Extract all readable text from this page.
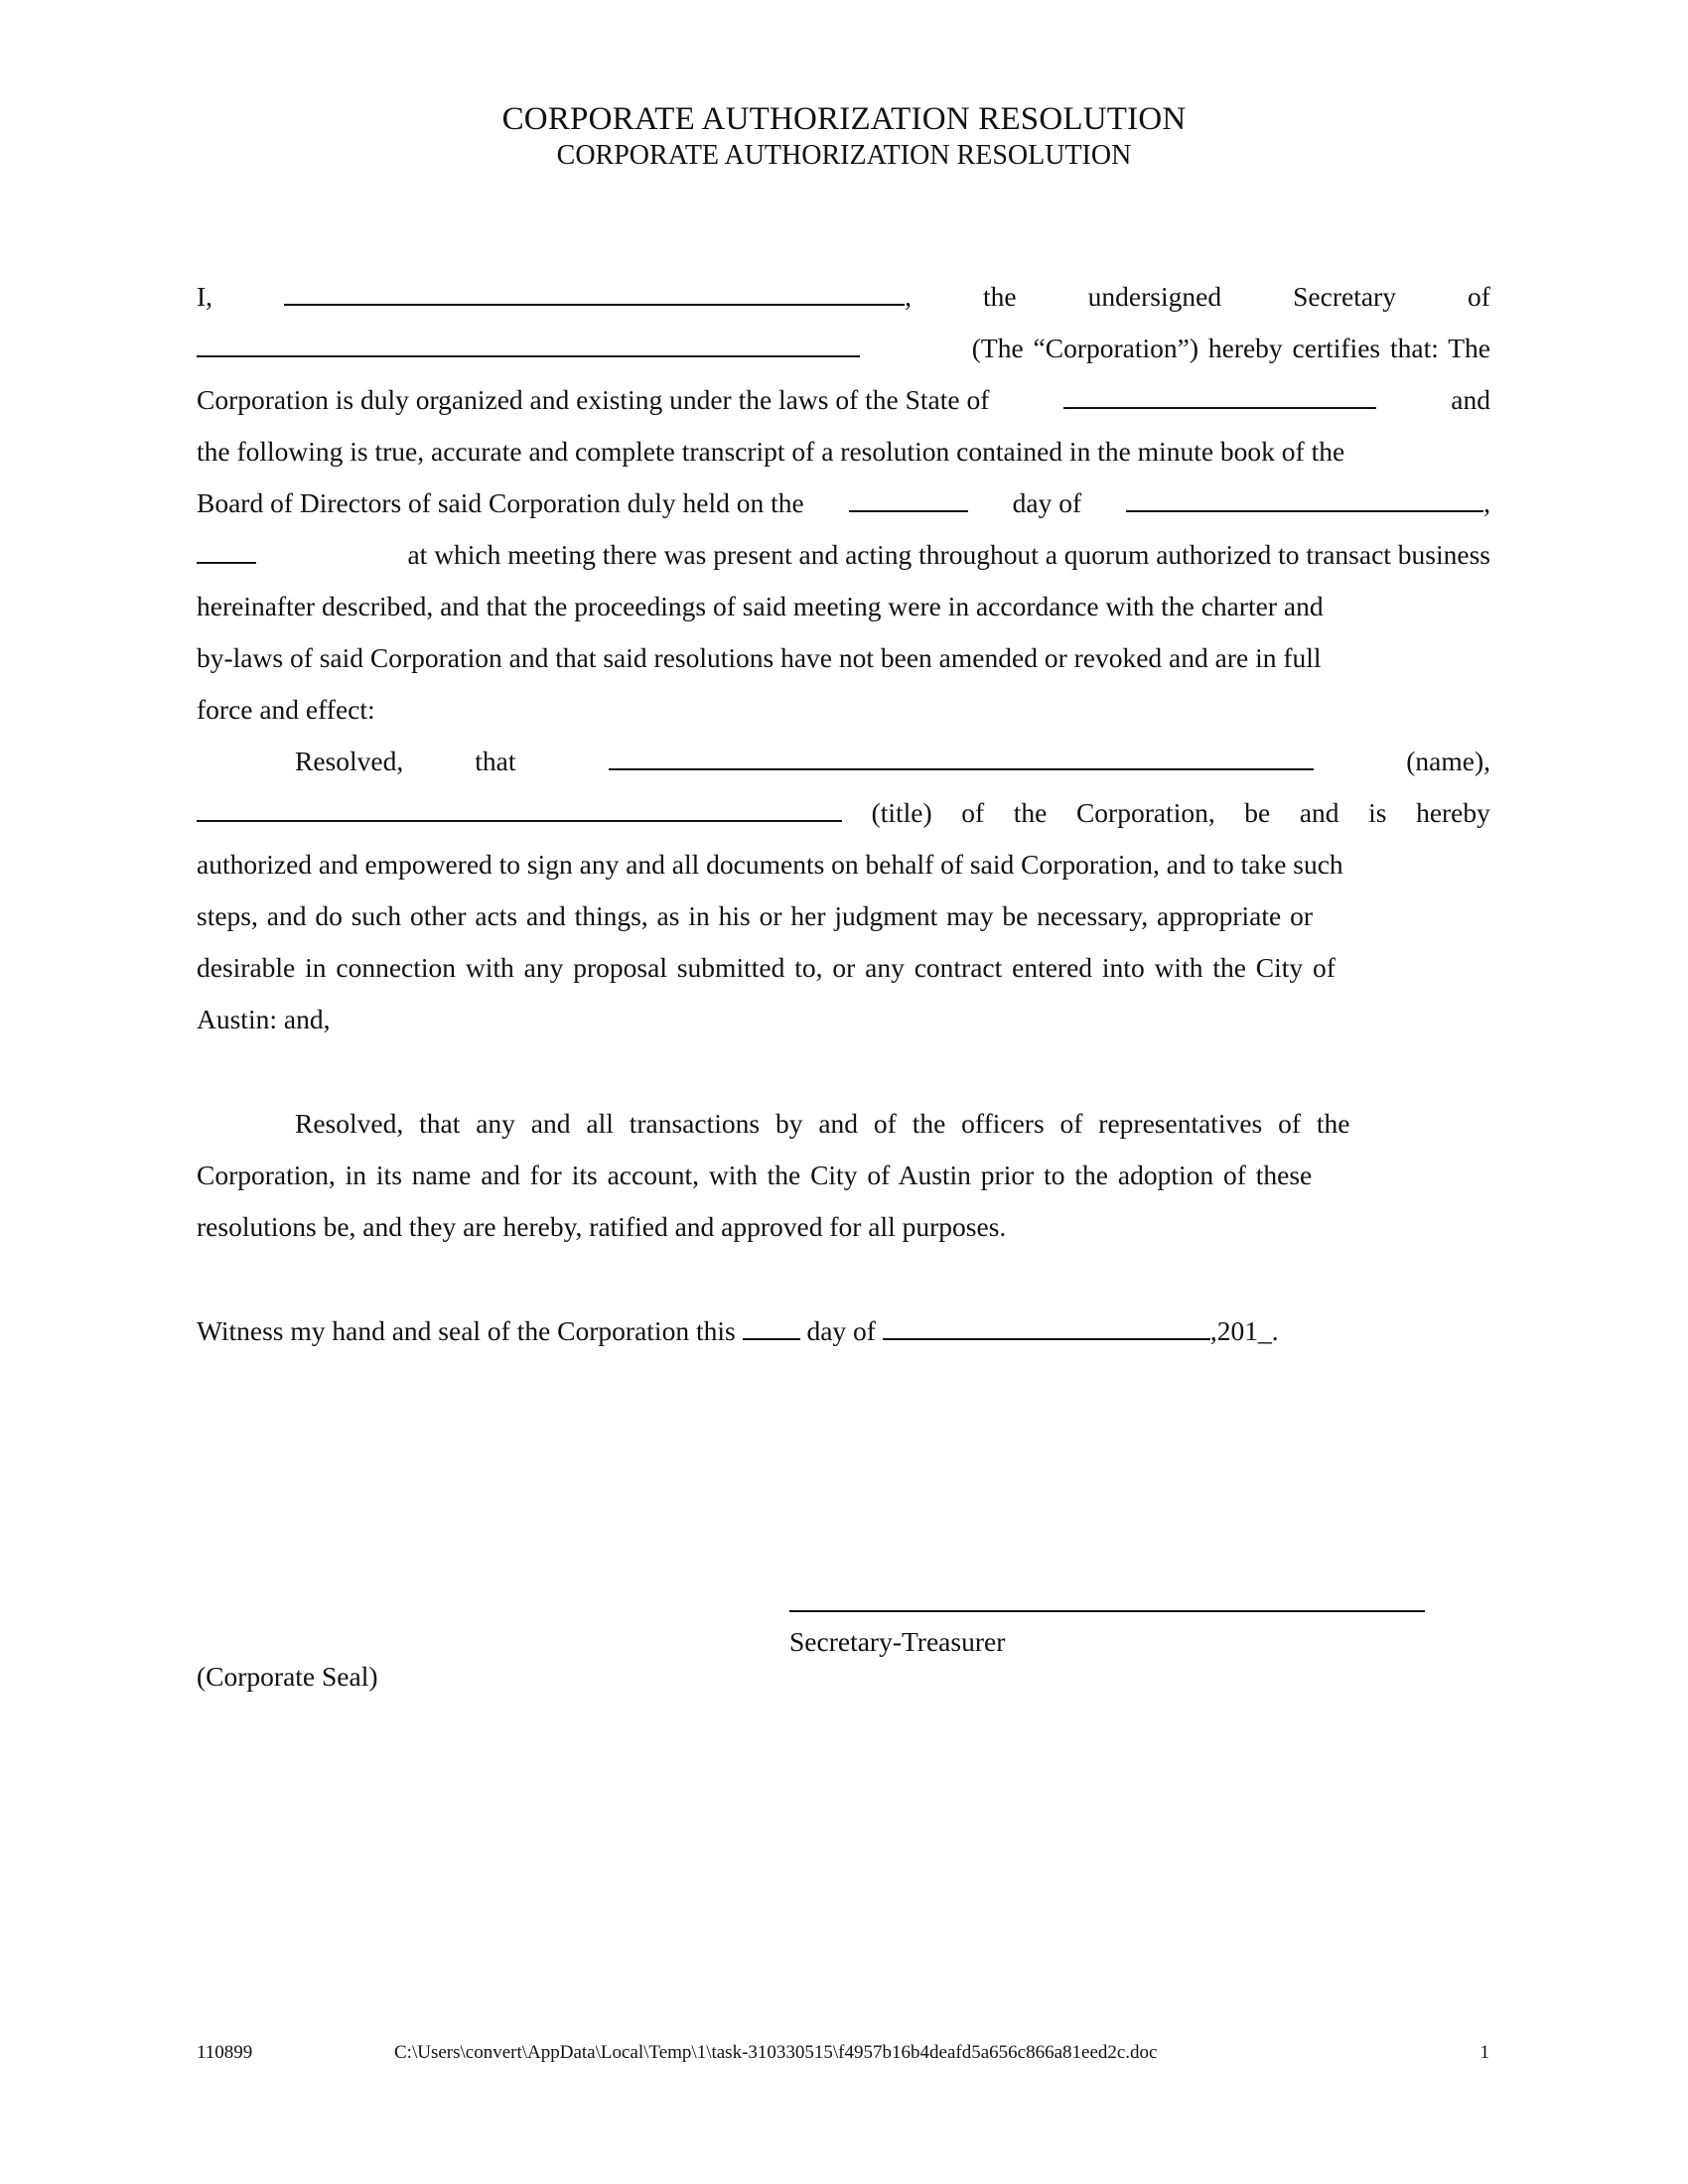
CORPORATE AUTHORIZATION RESOLUTION
CORPORATE AUTHORIZATION RESOLUTION
I,	,	the	undersigned	Secretary	of
(The “Corporation”) hereby certifies that: The
Corporation is duly organized and existing under the laws of the State of	and
the following is true, accurate and complete transcript of a resolution contained in the minute book of the
Board of Directors of said Corporation duly held on the	day of	,
at which meeting there was present and acting throughout a quorum authorized to transact business
hereinafter described, and that the proceedings of said meeting were in accordance with the charter and
by-laws of said Corporation and that said resolutions have not been amended or revoked and are in full
force and effect:
Resolved,	that	(name),
(title) of the Corporation, be and is hereby
authorized and empowered to sign any and all documents on behalf of said Corporation, and to take such
steps, and do such other acts and things, as in his or her judgment may be necessary, appropriate or
desirable in connection with any proposal submitted to, or any contract entered into with the City of
Austin: and,
Resolved, that any and all transactions by and of the officers of representatives of the
Corporation, in its name and for its account, with the City of Austin prior to the adoption of these
resolutions be, and they are hereby, ratified and approved for all purposes.
Witness my hand and seal of the Corporation this	day of	,201_.
Secretary-Treasurer
(Corporate Seal)
110899	C:\Users\convert\AppData\Local\Temp\1\task-310330515\f4957b16b4deafd5a656c866a81eed2c.doc	1
